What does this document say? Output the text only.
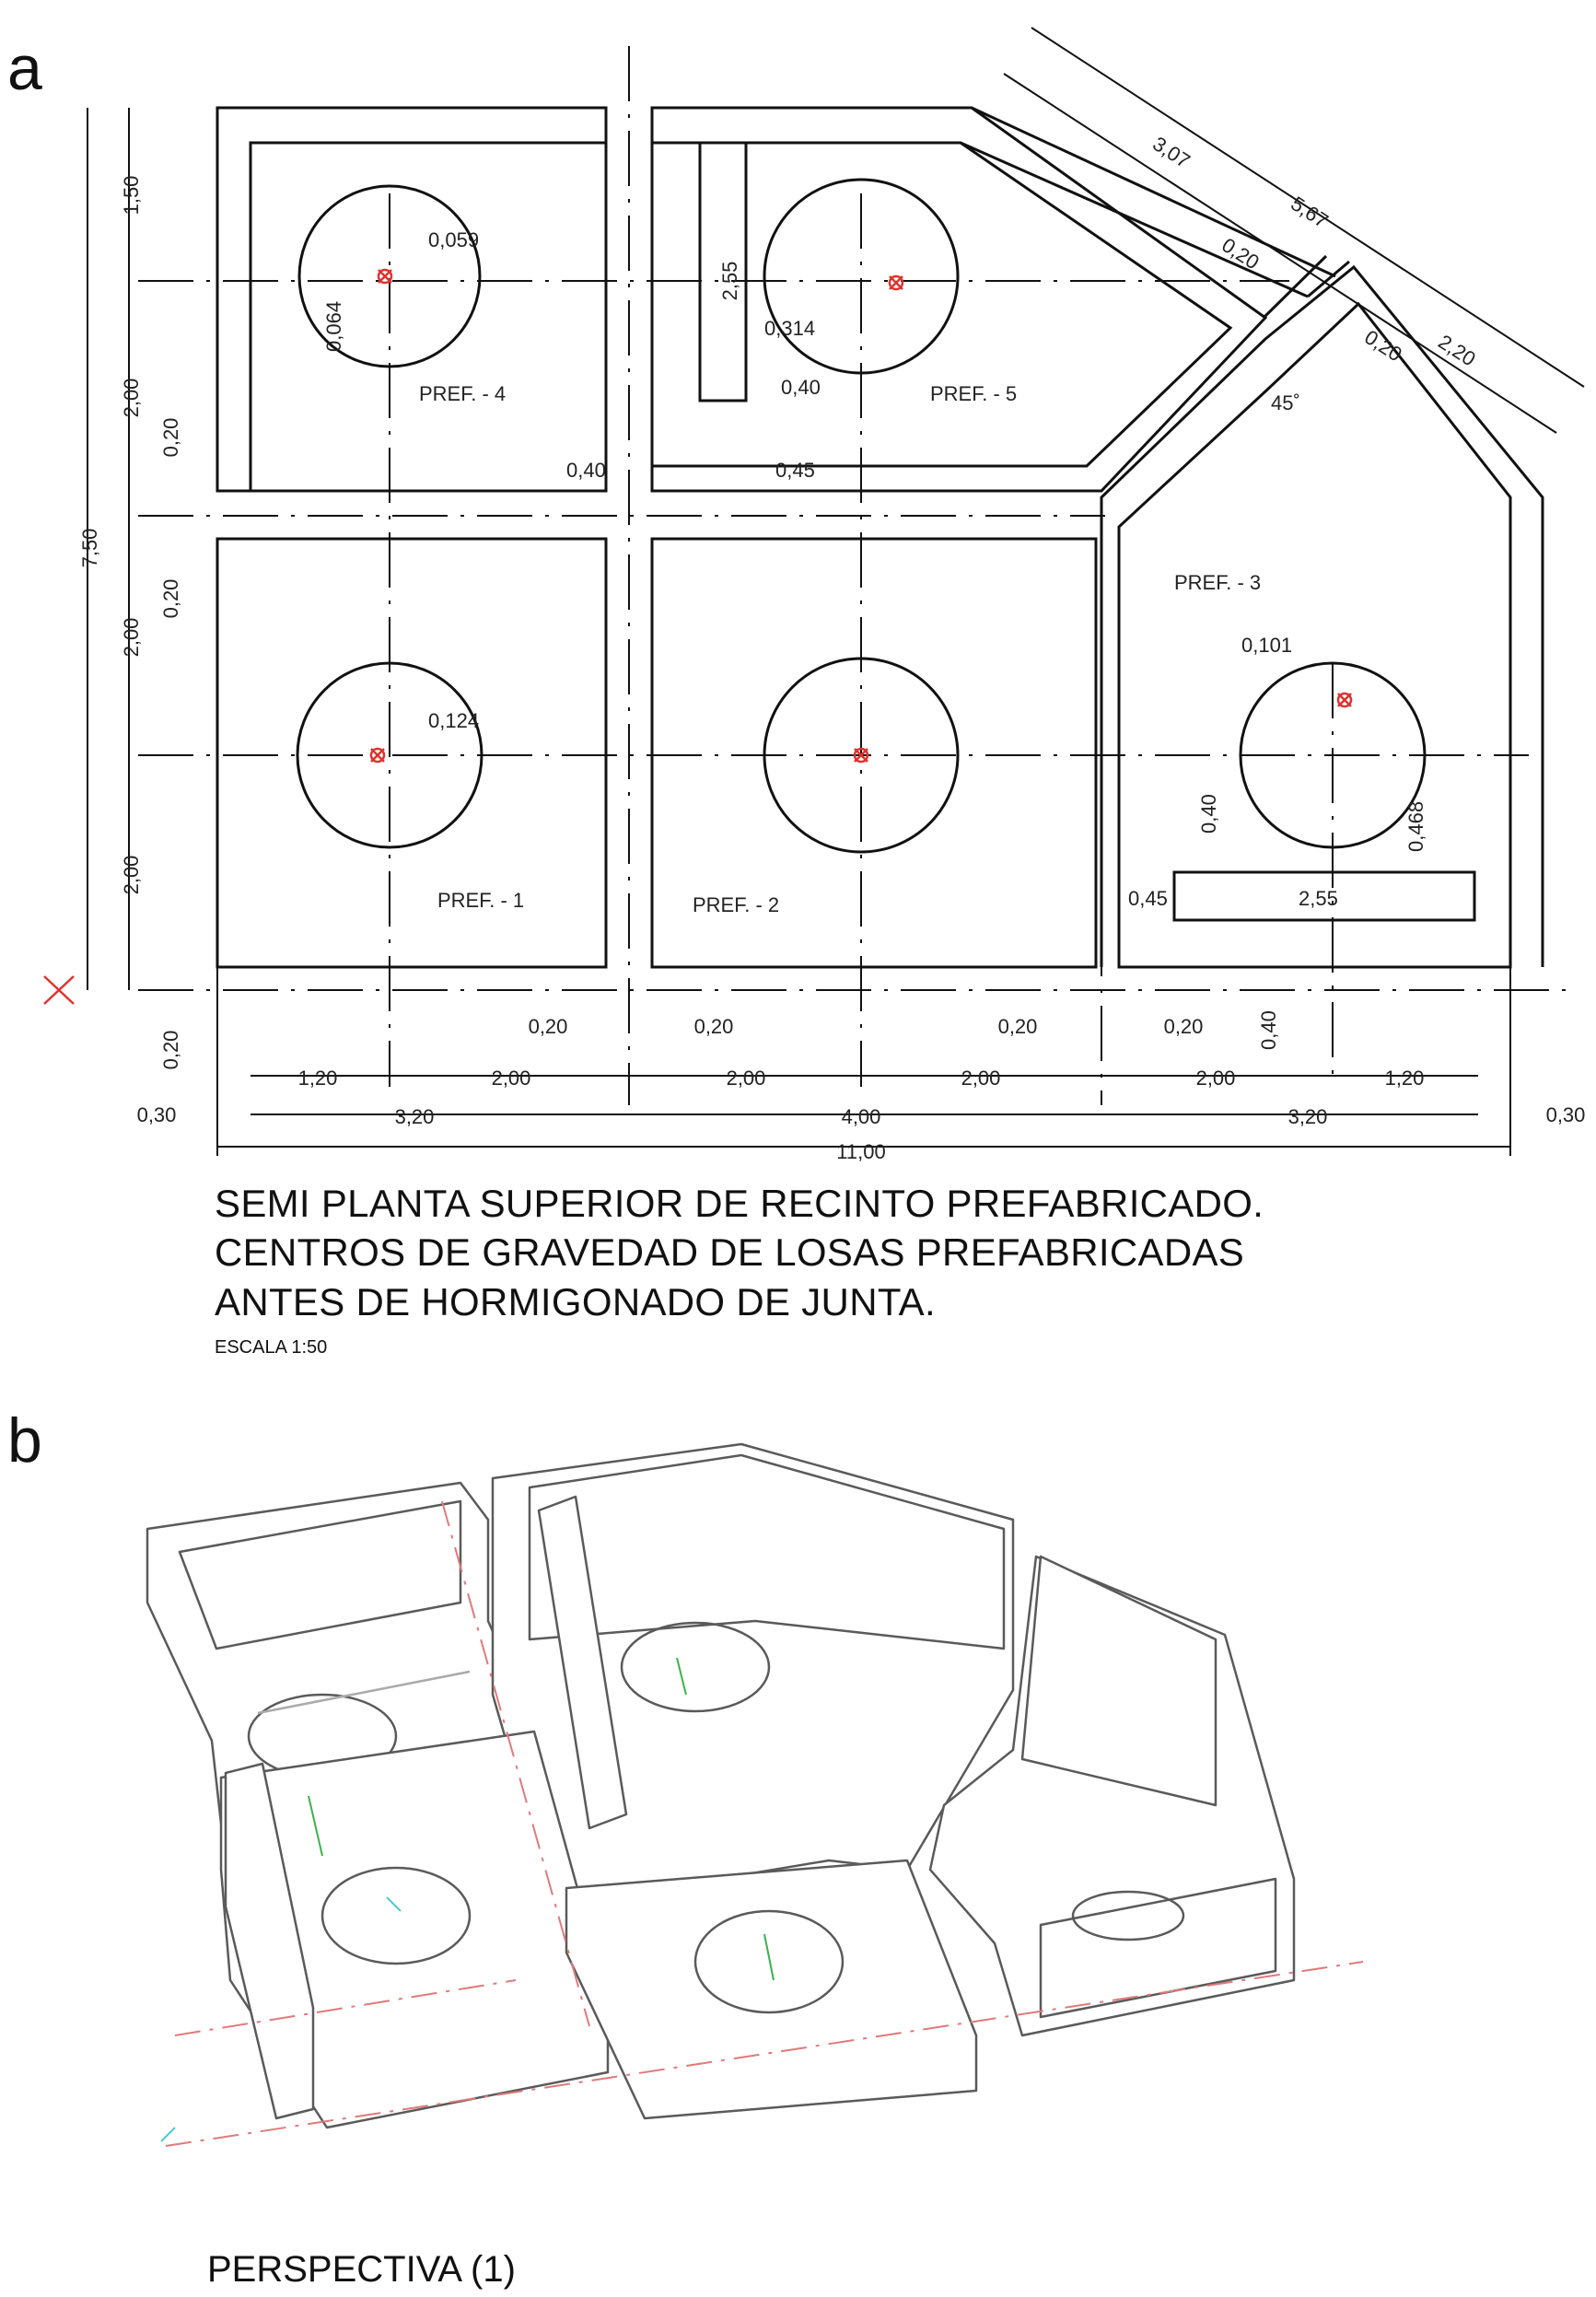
a
b
PREF. - 4	PREF. - 5
PREF. - 1	PREF. - 2
PREF. - 3
11,00
1,20	2,00	2,00	2,00	2,00	1,20
3,20	4,00	3,20
0,30	0,30
0,20	0,20	0,20	0,20
1,50
2,00
2,00
2,00
7,50
0,20
0,20
0,20
0,40
2,55
0,40
0,45
0,059
0,064	0,314
0,124
3,07
5,67
2,20
0,20
0,20
45˚
0,101
0,468
0,40
0,45	2,55
0,40
SEMI PLANTA SUPERIOR DE RECINTO PREFABRICADO.
CENTROS DE GRAVEDAD DE LOSAS PREFABRICADAS
ANTES DE HORMIGONADO DE JUNTA.
ESCALA 1:50
PERSPECTIVA (1)
